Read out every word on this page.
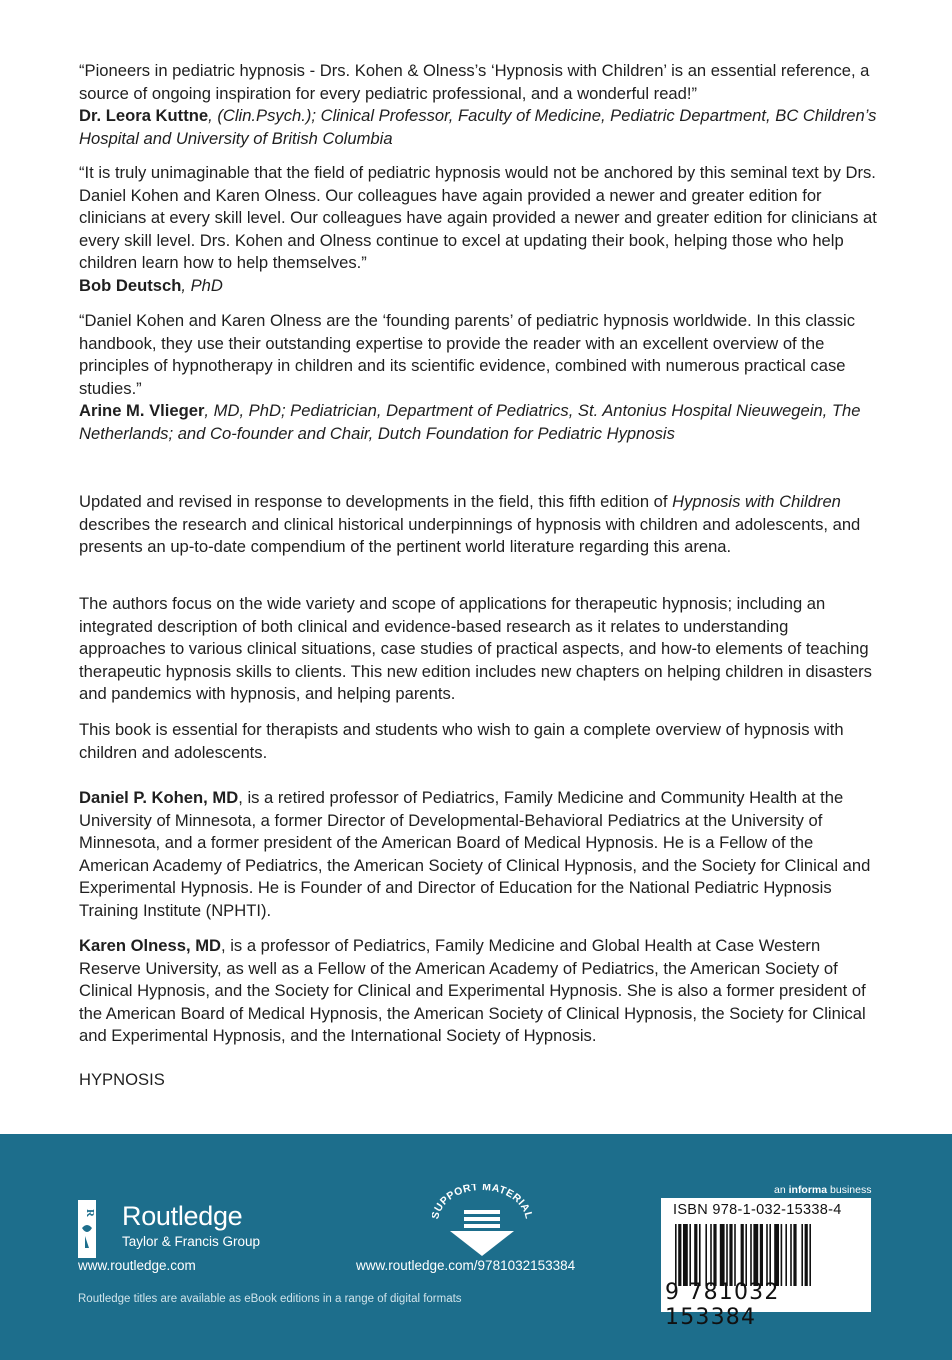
“Pioneers in pediatric hypnosis - Drs. Kohen & Olness’s ‘Hypnosis with Children’ is an essential reference, a source of ongoing inspiration for every pediatric professional, and a wonderful read!”
Dr. Leora Kuttne, (Clin.Psych.); Clinical Professor, Faculty of Medicine, Pediatric Department, BC Children’s Hospital and University of British Columbia
“It is truly unimaginable that the field of pediatric hypnosis would not be anchored by this seminal text by Drs. Daniel Kohen and Karen Olness. Our colleagues have again provided a newer and greater edition for clinicians at every skill level. Our colleagues have again provided a newer and greater edition for clinicians at every skill level. Drs. Kohen and Olness continue to excel at updating their book, helping those who help children learn how to help themselves.”
Bob Deutsch, PhD
“Daniel Kohen and Karen Olness are the ‘founding parents’ of pediatric hypnosis worldwide. In this classic handbook, they use their outstanding expertise to provide the reader with an excellent overview of the principles of hypnotherapy in children and its scientific evidence, combined with numerous practical case studies.”
Arine M. Vlieger, MD, PhD; Pediatrician, Department of Pediatrics, St. Antonius Hospital Nieuwegein, The Netherlands; and Co-founder and Chair, Dutch Foundation for Pediatric Hypnosis
Updated and revised in response to developments in the field, this fifth edition of Hypnosis with Children describes the research and clinical historical underpinnings of hypnosis with children and adolescents, and presents an up-to-date compendium of the pertinent world literature regarding this arena.
The authors focus on the wide variety and scope of applications for therapeutic hypnosis; including an integrated description of both clinical and evidence-based research as it relates to understanding approaches to various clinical situations, case studies of practical aspects, and how-to elements of teaching therapeutic hypnosis skills to clients. This new edition includes new chapters on helping children in disasters and pandemics with hypnosis, and helping parents.
This book is essential for therapists and students who wish to gain a complete overview of hypnosis with children and adolescents.
Daniel P. Kohen, MD, is a retired professor of Pediatrics, Family Medicine and Community Health at the University of Minnesota, a former Director of Developmental-Behavioral Pediatrics at the University of Minnesota, and a former president of the American Board of Medical Hypnosis. He is a Fellow of the American Academy of Pediatrics, the American Society of Clinical Hypnosis, and the Society for Clinical and Experimental Hypnosis. He is Founder of and Director of Education for the National Pediatric Hypnosis Training Institute (NPHTI).
Karen Olness, MD, is a professor of Pediatrics, Family Medicine and Global Health at Case Western Reserve University, as well as a Fellow of the American Academy of Pediatrics, the American Society of Clinical Hypnosis, and the Society for Clinical and Experimental Hypnosis. She is also a former president of the American Board of Medical Hypnosis, the American Society of Clinical Hypnosis, the Society for Clinical and Experimental Hypnosis, and the International Society of Hypnosis.
HYPNOSIS
R Routledge
Taylor & Francis Group
www.routledge.com
UPPORT MATERIA
www.routledge.com/9781032153384
an informa business
ISBN 978-1-032-15338-4
9 781032 153384
Routledge titles are available as eBook editions in a range of digital formats
